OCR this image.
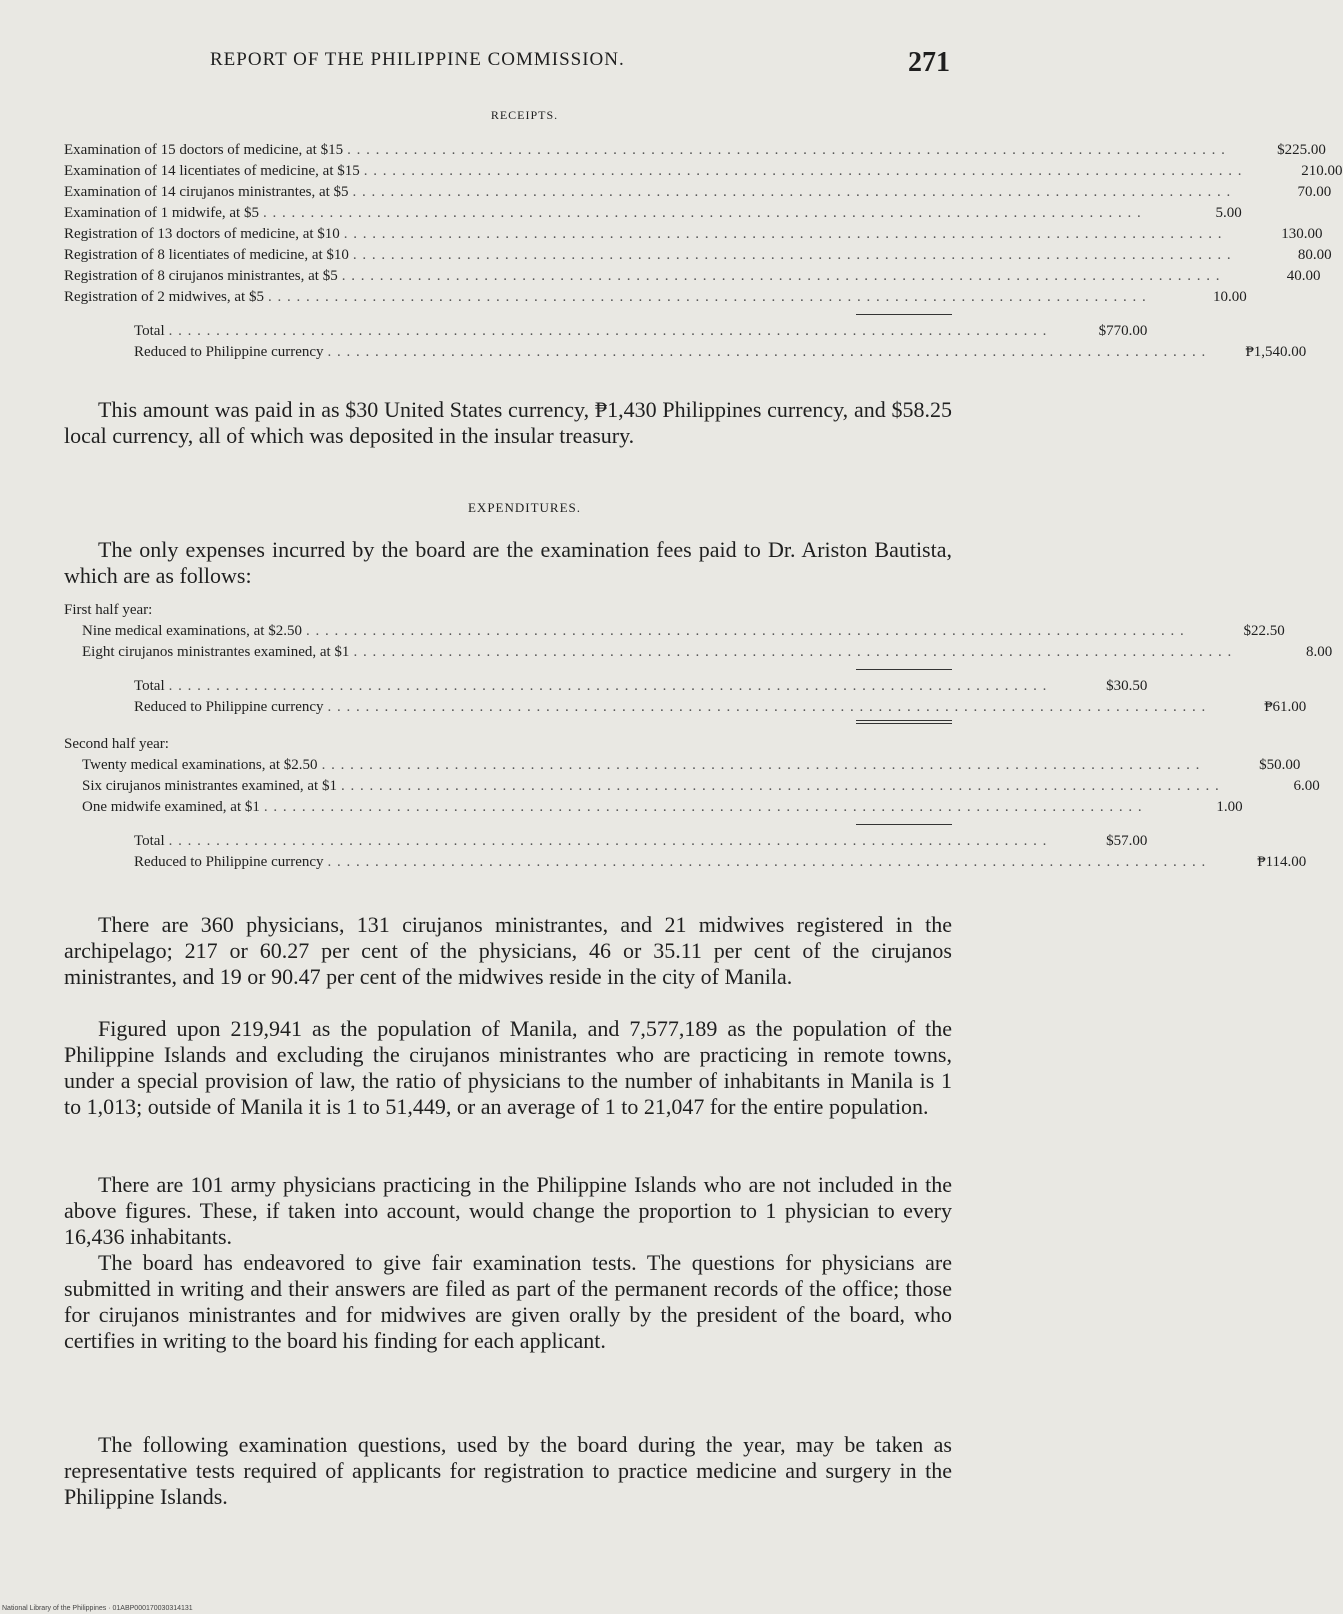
REPORT OF THE PHILIPPINE COMMISSION.	271
RECEIPTS.
Examination of 15 doctors of medicine, at $15 . . . . . . . . . . . . . . . . . . . . . . . . . . . . . . . . . . . . . . . . . . . . . . . . . . . . . . . . . . . . . . . . . . . . . . . . . . . . . . . . . . . . . . . . . . . . .	$225.00
Examination of 14 licentiates of medicine, at $15 . . . . . . . . . . . . . . . . . . . . . . . . . . . . . . . . . . . . . . . . . . . . . . . . . . . . . . . . . . . . . . . . . . . . . . . . . . . . . . . . . . . . . . . . . . . . .	210.00
Examination of 14 cirujanos ministrantes, at $5 . . . . . . . . . . . . . . . . . . . . . . . . . . . . . . . . . . . . . . . . . . . . . . . . . . . . . . . . . . . . . . . . . . . . . . . . . . . . . . . . . . . . . . . . . . . . .	70.00
Examination of 1 midwife, at $5 . . . . . . . . . . . . . . . . . . . . . . . . . . . . . . . . . . . . . . . . . . . . . . . . . . . . . . . . . . . . . . . . . . . . . . . . . . . . . . . . . . . . . . . . . . . . .	5.00
Registration of 13 doctors of medicine, at $10 . . . . . . . . . . . . . . . . . . . . . . . . . . . . . . . . . . . . . . . . . . . . . . . . . . . . . . . . . . . . . . . . . . . . . . . . . . . . . . . . . . . . . . . . . . . . .	130.00
Registration of 8 licentiates of medicine, at $10 . . . . . . . . . . . . . . . . . . . . . . . . . . . . . . . . . . . . . . . . . . . . . . . . . . . . . . . . . . . . . . . . . . . . . . . . . . . . . . . . . . . . . . . . . . . . .	80.00
Registration of 8 cirujanos ministrantes, at $5 . . . . . . . . . . . . . . . . . . . . . . . . . . . . . . . . . . . . . . . . . . . . . . . . . . . . . . . . . . . . . . . . . . . . . . . . . . . . . . . . . . . . . . . . . . . . .	40.00
Registration of 2 midwives, at $5 . . . . . . . . . . . . . . . . . . . . . . . . . . . . . . . . . . . . . . . . . . . . . . . . . . . . . . . . . . . . . . . . . . . . . . . . . . . . . . . . . . . . . . . . . . . . .	10.00
Total . . . . . . . . . . . . . . . . . . . . . . . . . . . . . . . . . . . . . . . . . . . . . . . . . . . . . . . . . . . . . . . . . . . . . . . . . . . . . . . . . . . . . . . . . . . . .	$770.00
Reduced to Philippine currency . . . . . . . . . . . . . . . . . . . . . . . . . . . . . . . . . . . . . . . . . . . . . . . . . . . . . . . . . . . . . . . . . . . . . . . . . . . . . . . . . . . . . . . . . . . . .	₱1,540.00

This amount was paid in as $30 United States currency, ₱1,430 Philippines currency, and $58.25 local currency, all of which was deposited in the insular treasury.

EXPENDITURES.

The only expenses incurred by the board are the examination fees paid to Dr. Ariston Bautista, which are as follows:

First half year:
Nine medical examinations, at $2.50 . . . . . . . . . . . . . . . . . . . . . . . . . . . . . . . . . . . . . . . . . . . . . . . . . . . . . . . . . . . . . . . . . . . . . . . . . . . . . . . . . . . . . . . . . . . . .	$22.50
Eight cirujanos ministrantes examined, at $1 . . . . . . . . . . . . . . . . . . . . . . . . . . . . . . . . . . . . . . . . . . . . . . . . . . . . . . . . . . . . . . . . . . . . . . . . . . . . . . . . . . . . . . . . . . . . .	8.00
Total . . . . . . . . . . . . . . . . . . . . . . . . . . . . . . . . . . . . . . . . . . . . . . . . . . . . . . . . . . . . . . . . . . . . . . . . . . . . . . . . . . . . . . . . . . . . .	$30.50
Reduced to Philippine currency . . . . . . . . . . . . . . . . . . . . . . . . . . . . . . . . . . . . . . . . . . . . . . . . . . . . . . . . . . . . . . . . . . . . . . . . . . . . . . . . . . . . . . . . . . . . .	₱61.00
Second half year:
Twenty medical examinations, at $2.50 . . . . . . . . . . . . . . . . . . . . . . . . . . . . . . . . . . . . . . . . . . . . . . . . . . . . . . . . . . . . . . . . . . . . . . . . . . . . . . . . . . . . . . . . . . . . .	$50.00
Six cirujanos ministrantes examined, at $1 . . . . . . . . . . . . . . . . . . . . . . . . . . . . . . . . . . . . . . . . . . . . . . . . . . . . . . . . . . . . . . . . . . . . . . . . . . . . . . . . . . . . . . . . . . . . .	6.00
One midwife examined, at $1 . . . . . . . . . . . . . . . . . . . . . . . . . . . . . . . . . . . . . . . . . . . . . . . . . . . . . . . . . . . . . . . . . . . . . . . . . . . . . . . . . . . . . . . . . . . . .	1.00
Total . . . . . . . . . . . . . . . . . . . . . . . . . . . . . . . . . . . . . . . . . . . . . . . . . . . . . . . . . . . . . . . . . . . . . . . . . . . . . . . . . . . . . . . . . . . . .	$57.00
Reduced to Philippine currency . . . . . . . . . . . . . . . . . . . . . . . . . . . . . . . . . . . . . . . . . . . . . . . . . . . . . . . . . . . . . . . . . . . . . . . . . . . . . . . . . . . . . . . . . . . . .	₱114.00

There are 360 physicians, 131 cirujanos ministrantes, and 21 midwives registered in the archipelago; 217 or 60.27 per cent of the physicians, 46 or 35.11 per cent of the cirujanos ministrantes, and 19 or 90.47 per cent of the midwives reside in the city of Manila.

Figured upon 219,941 as the population of Manila, and 7,577,189 as the population of the Philippine Islands and excluding the cirujanos ministrantes who are practicing in remote towns, under a special provision of law, the ratio of physicians to the number of inhabitants in Manila is 1 to 1,013; outside of Manila it is 1 to 51,449, or an average of 1 to 21,047 for the entire population.

There are 101 army physicians practicing in the Philippine Islands who are not included in the above figures. These, if taken into account, would change the proportion to 1 physician to every 16,436 inhabitants.

The board has endeavored to give fair examination tests. The questions for physicians are submitted in writing and their answers are filed as part of the permanent records of the office; those for cirujanos ministrantes and for midwives are given orally by the president of the board, who certifies in writing to the board his finding for each applicant.

The following examination questions, used by the board during the year, may be taken as representative tests required of applicants for registration to practice medicine and surgery in the Philippine Islands.

National Library of the Philippines · 01ABP000170030314131
